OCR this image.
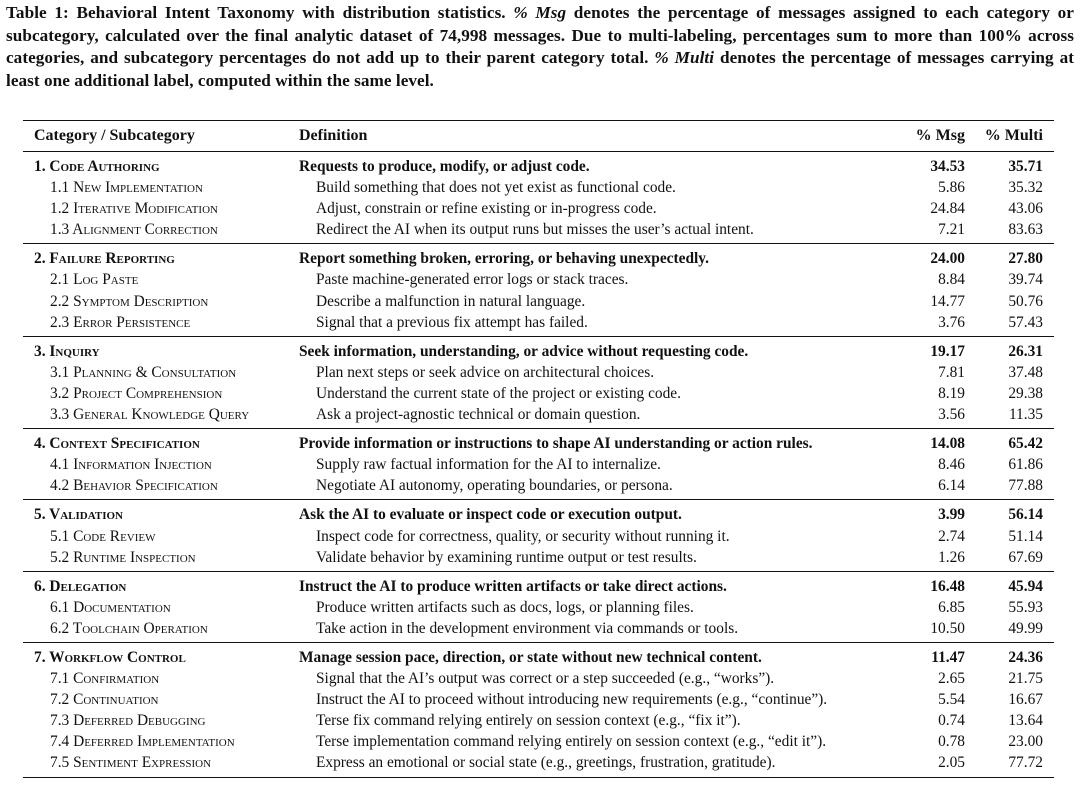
Table 1: Behavioral Intent Taxonomy with distribution statistics. % Msg denotes the percentage of messages assigned to each category or subcategory, calculated over the final analytic dataset of 74,998 messages. Due to multi-labeling, percentages sum to more than 100% across categories, and subcategory percentages do not add up to their parent category total. % Multi denotes the percentage of messages carrying at least one additional label, computed within the same level.
Category / Subcategory	Definition	% Msg % Multi
1. Code Authoring	Requests to produce, modify, or adjust code.	34.53	35.71
1.1 New Implementation	Build something that does not yet exist as functional code.	5.86	35.32
1.2 Iterative Modification	Adjust, constrain or refine existing or in-progress code.	24.84	43.06
1.3 Alignment Correction	Redirect the AI when its output runs but misses the user’s actual intent.	7.21	83.63
2. Failure Reporting	Report something broken, erroring, or behaving unexpectedly.	24.00	27.80
2.1 Log Paste	Paste machine-generated error logs or stack traces.	8.84	39.74
2.2 Symptom Description	Describe a malfunction in natural language.	14.77	50.76
2.3 Error Persistence	Signal that a previous fix attempt has failed.	3.76	57.43
3. Inquiry	Seek information, understanding, or advice without requesting code.	19.17	26.31
3.1 Planning & Consultation	Plan next steps or seek advice on architectural choices.	7.81	37.48
3.2 Project Comprehension	Understand the current state of the project or existing code.	8.19	29.38
3.3 General Knowledge Query	Ask a project-agnostic technical or domain question.	3.56	11.35
4. Context Specification	Provide information or instructions to shape AI understanding or action rules.	14.08	65.42
4.1 Information Injection	Supply raw factual information for the AI to internalize.	8.46	61.86
4.2 Behavior Specification	Negotiate AI autonomy, operating boundaries, or persona.	6.14	77.88
5. Validation	Ask the AI to evaluate or inspect code or execution output.	3.99	56.14
5.1 Code Review	Inspect code for correctness, quality, or security without running it.	2.74	51.14
5.2 Runtime Inspection	Validate behavior by examining runtime output or test results.	1.26	67.69
6. Delegation	Instruct the AI to produce written artifacts or take direct actions.	16.48	45.94
6.1 Documentation	Produce written artifacts such as docs, logs, or planning files.	6.85	55.93
6.2 Toolchain Operation	Take action in the development environment via commands or tools.	10.50	49.99
7. Workflow Control	Manage session pace, direction, or state without new technical content.	11.47	24.36
7.1 Confirmation	Signal that the AI’s output was correct or a step succeeded (e.g., “works”).	2.65	21.75
7.2 Continuation	Instruct the AI to proceed without introducing new requirements (e.g., “continue”).	5.54	16.67
7.3 Deferred Debugging	Terse fix command relying entirely on session context (e.g., “fix it”).	0.74	13.64
7.4 Deferred Implementation	Terse implementation command relying entirely on session context (e.g., “edit it”).	0.78	23.00
7.5 Sentiment Expression	Express an emotional or social state (e.g., greetings, frustration, gratitude).	2.05	77.72
